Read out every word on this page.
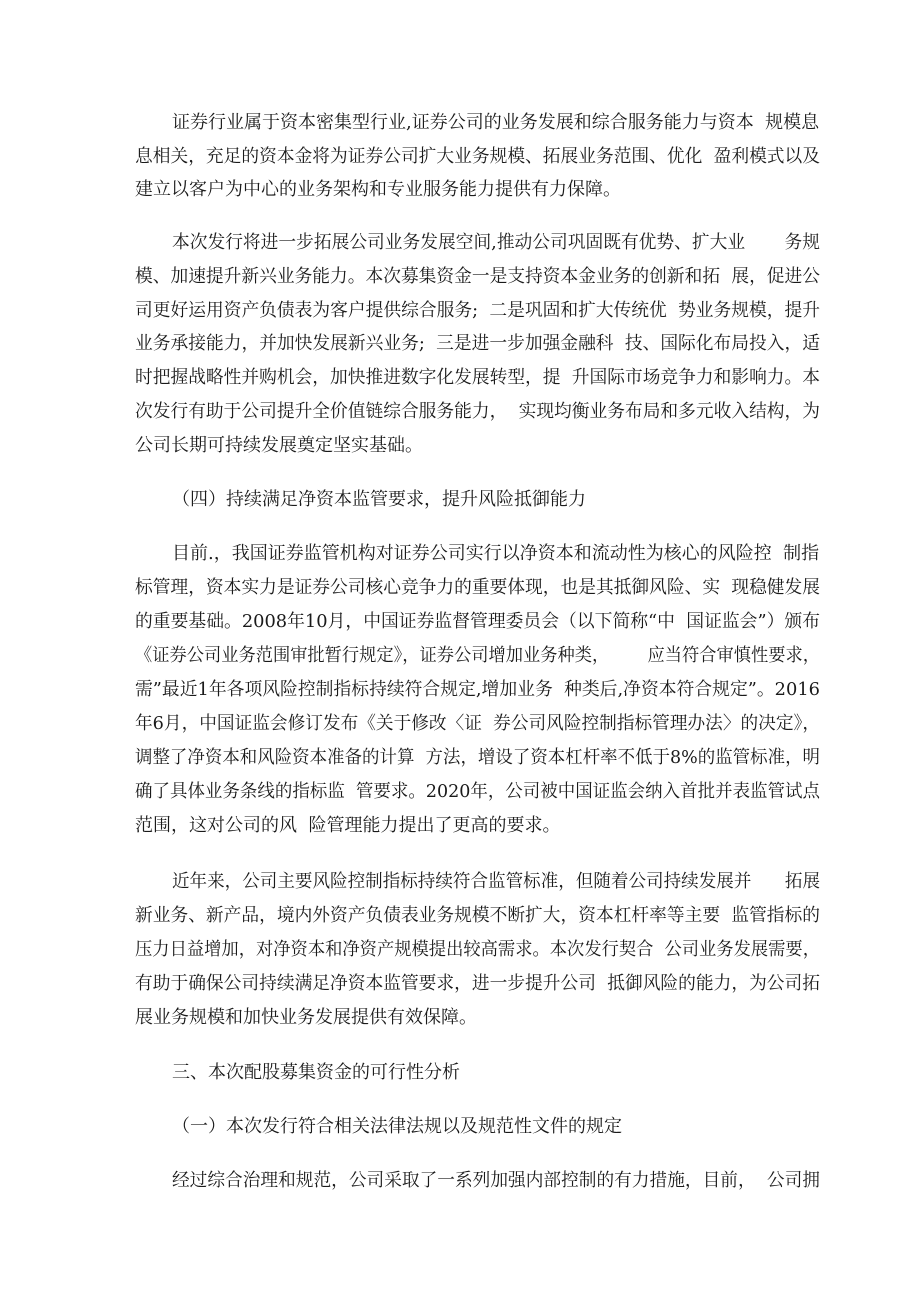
证券行业属于资本密集型行业,证券公司的业务发展和综合服务能力与资本  规模息
息相关，充足的资本金将为证券公司扩大业务规模、拓展业务范围、优化  盈利模式以及
建立以客户为中心的业务架构和专业服务能力提供有力保障。
本次发行将进一步拓展公司业务发展空间,推动公司巩固既有优势、扩大业       务规
模、加速提升新兴业务能力。本次募集资金一是支持资本金业务的创新和拓  展，促进公
司更好运用资产负债表为客户提供综合服务;  二是巩固和扩大传统优  势业务规模，提升
业务承接能力，并加快发展新兴业务;  三是进一步加强金融科  技、国际化布局投入，适
时把握战略性并购机会，加快推进数字化发展转型，提  升国际市场竞争力和影响力。本
次发行有助于公司提升全价值链综合服务能力，  实现均衡业务布局和多元收入结构，为
公司长期可持续发展奠定坚实基础。
（四）持续满足净资本监管要求，提升风险抵御能力
目前.，我国证券监管机构对证券公司实行以净资本和流动性为核心的风险控  制指
标管理，资本实力是证券公司核心竞争力的重要体现，也是其抵御风险、实  现稳健发展
的重要基础。2008年10月，中国证券监督管理委员会（以下简称“中  国证监会”）颁布
《证券公司业务范围审批暂行规定》，证券公司增加业务种类，       应当符合审慎性要求，
需”最近1年各项风险控制指标持续符合规定,增加业务  种类后,净资本符合规定”。2016
年6月，中国证监会修订发布《关于修改〈证  券公司风险控制指标管理办法〉的决定》，
调整了净资本和风险资本准备的计算  方法，增设了资本杠杆率不低于8%的监管标准，明
确了具体业务条线的指标监  管要求。2020年，公司被中国证监会纳入首批并表监管试点
范围，这对公司的风  险管理能力提出了更高的要求。
近年来，公司主要风险控制指标持续符合监管标准，但随着公司持续发展并      拓展
新业务、新产品，境内外资产负债表业务规模不断扩大，资本杠杆率等主要  监管指标的
压力日益增加，对净资本和净资产规模提出较高需求。本次发行契合  公司业务发展需要，
有助于确保公司持续满足净资本监管要求，进一步提升公司  抵御风险的能力，为公司拓
展业务规模和加快业务发展提供有效保障。
三、本次配股募集资金的可行性分析
（一）本次发行符合相关法律法规以及规范性文件的规定
经过综合治理和规范，公司采取了一系列加强内部控制的有力措施，目前，  公司拥
